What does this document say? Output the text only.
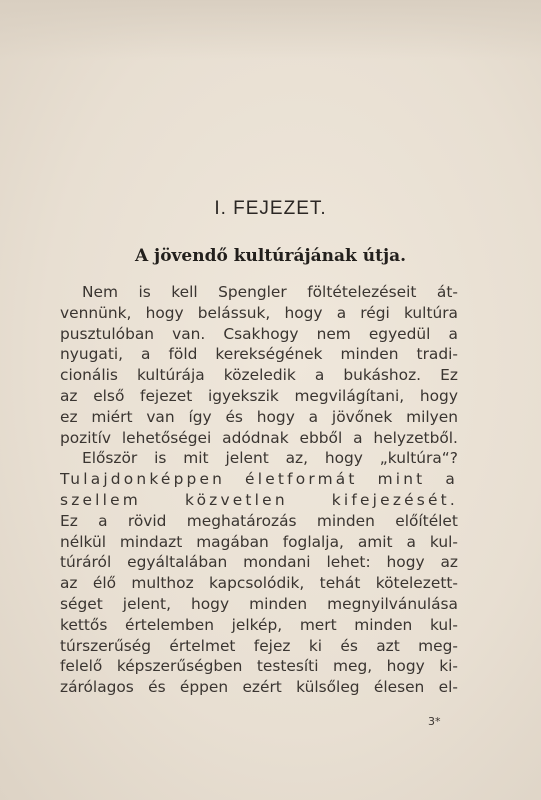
I. FEJEZET.
A jövendő kultúrájának útja.
Nem is kell Spengler föltételezéseit át-
vennünk, hogy belássuk, hogy a régi kultúra
pusztulóban van. Csakhogy nem egyedül a
nyugati, a föld kerekségének minden tradi-
cionális kultúrája közeledik a bukáshoz. Ez
az első fejezet igyekszik megvilágítani, hogy
ez miért van így és hogy a jövőnek milyen
pozitív lehetőségei adódnak ebből a helyzetből.
Először is mit jelent az, hogy „kultúra“?
Tulajdonképpen életformát mint a
szellem	közvetlen	kifejezését.
Ez a rövid meghatározás minden előítélet
nélkül mindazt magában foglalja, amit a kul-
túráról egyáltalában mondani lehet: hogy az
az élő multhoz kapcsolódik, tehát kötelezett-
séget jelent, hogy minden megnyilvánulása
kettős értelemben jelkép, mert minden kul-
túrszerűség értelmet fejez ki és azt meg-
felelő képszerűségben testesíti meg, hogy ki-
zárólagos és éppen ezért külsőleg élesen el-
3*
